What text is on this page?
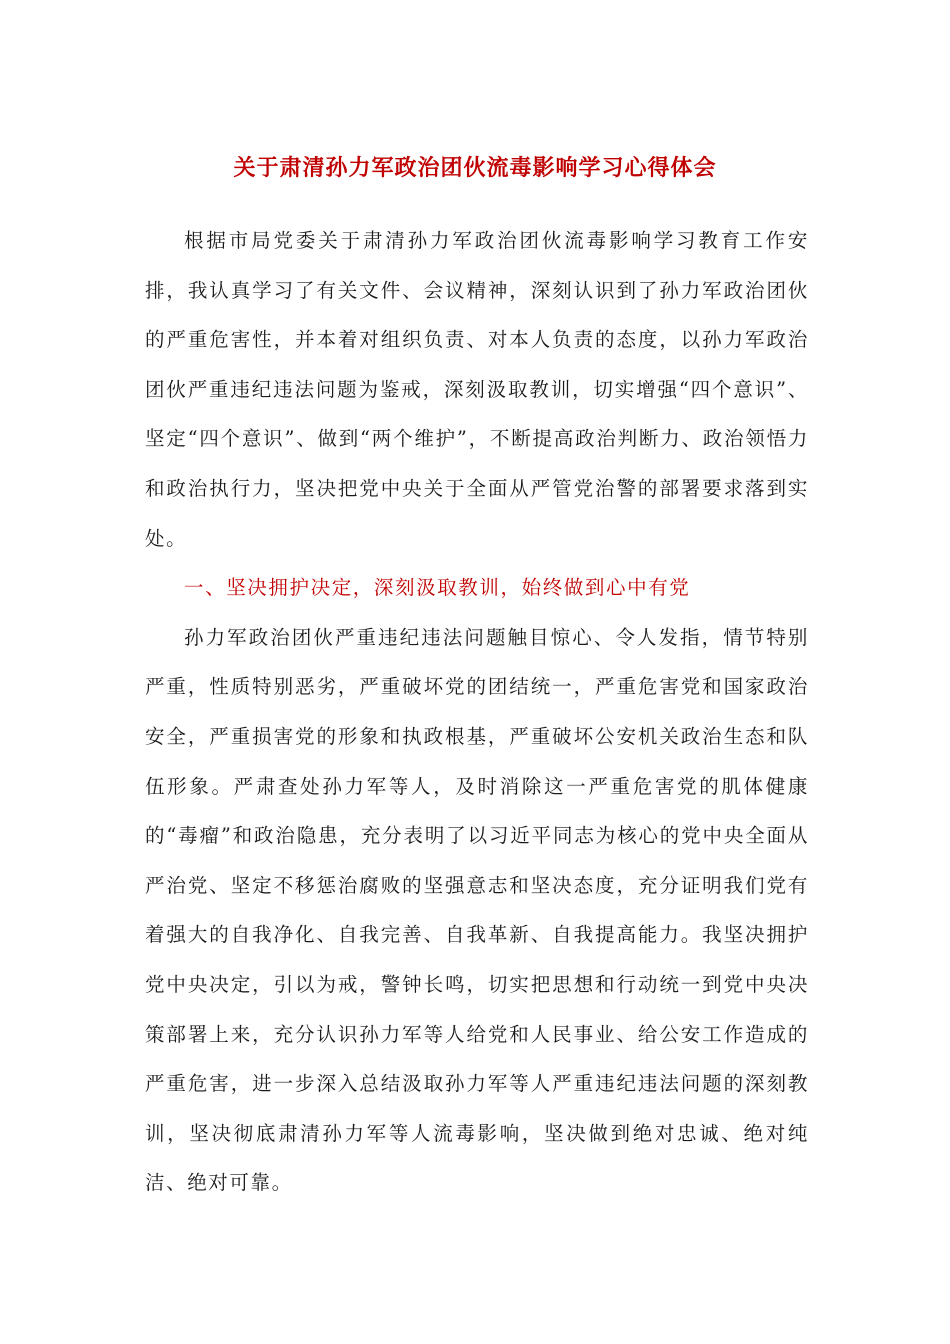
关于肃清孙力军政治团伙流毒影响学习心得体会

根据市局党委关于肃清孙力军政治团伙流毒影响学习教育工作安排，我认真学习了有关文件、会议精神，深刻认识到了孙力军政治团伙的严重危害性，并本着对组织负责、对本人负责的态度，以孙力军政治团伙严重违纪违法问题为鉴戒，深刻汲取教训，切实增强“四个意识”、坚定“四个意识”、做到“两个维护”，不断提高政治判断力、政治领悟力和政治执行力，坚决把党中央关于全面从严管党治警的部署要求落到实处。

一、坚决拥护决定，深刻汲取教训，始终做到心中有党

孙力军政治团伙严重违纪违法问题触目惊心、令人发指，情节特别严重，性质特别恶劣，严重破坏党的团结统一，严重危害党和国家政治安全，严重损害党的形象和执政根基，严重破坏公安机关政治生态和队伍形象。严肃查处孙力军等人，及时消除这一严重危害党的肌体健康的“毒瘤”和政治隐患，充分表明了以习近平同志为核心的党中央全面从严治党、坚定不移惩治腐败的坚强意志和坚决态度，充分证明我们党有着强大的自我净化、自我完善、自我革新、自我提高能力。我坚决拥护党中央决定，引以为戒，警钟长鸣，切实把思想和行动统一到党中央决策部署上来，充分认识孙力军等人给党和人民事业、给公安工作造成的严重危害，进一步深入总结汲取孙力军等人严重违纪违法问题的深刻教训，坚决彻底肃清孙力军等人流毒影响，坚决做到绝对忠诚、绝对纯洁、绝对可靠。
